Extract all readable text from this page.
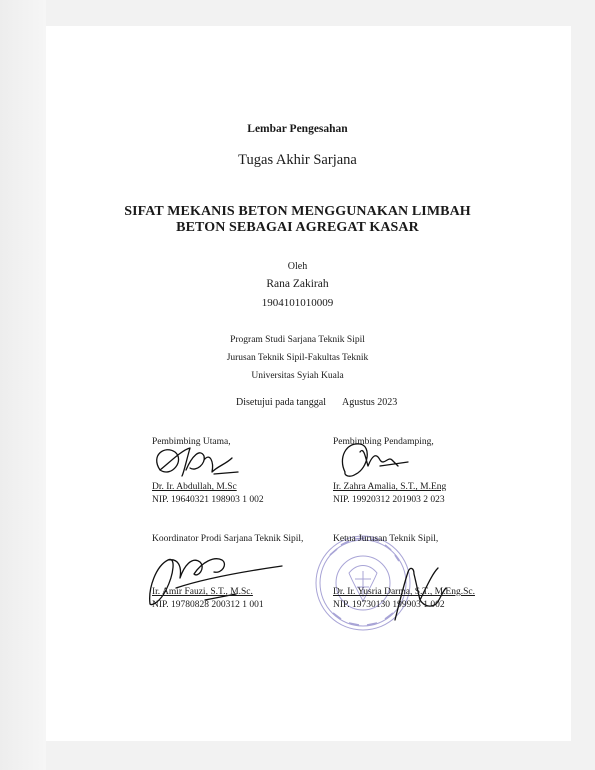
Lembar Pengesahan
Tugas Akhir Sarjana
SIFAT MEKANIS BETON MENGGUNAKAN LIMBAH
BETON SEBAGAI AGREGAT KASAR
Oleh
Rana Zakirah
1904101010009
Program Studi Sarjana Teknik Sipil
Jurusan Teknik Sipil-Fakultas Teknik
Universitas Syiah Kuala
Disetujui pada tanggal Agustus 2023
Pembimbing Utama,
Dr. Ir. Abdullah, M.Sc
NIP. 19640321 198903 1 002
Pembimbing Pendamping,
Ir. Zahra Amalia, S.T., M.Eng
NIP. 19920312 201903 2 023
Koordinator Prodi Sarjana Teknik Sipil,
Ir. Amir Fauzi, S.T., M.Sc.
NIP. 19780828 200312 1 001
Ketua Jurusan Teknik Sipil,
Dr. Ir. Yusria Darma, S.T., M.Eng.Sc.
NIP. 19730130 199903 1 002
